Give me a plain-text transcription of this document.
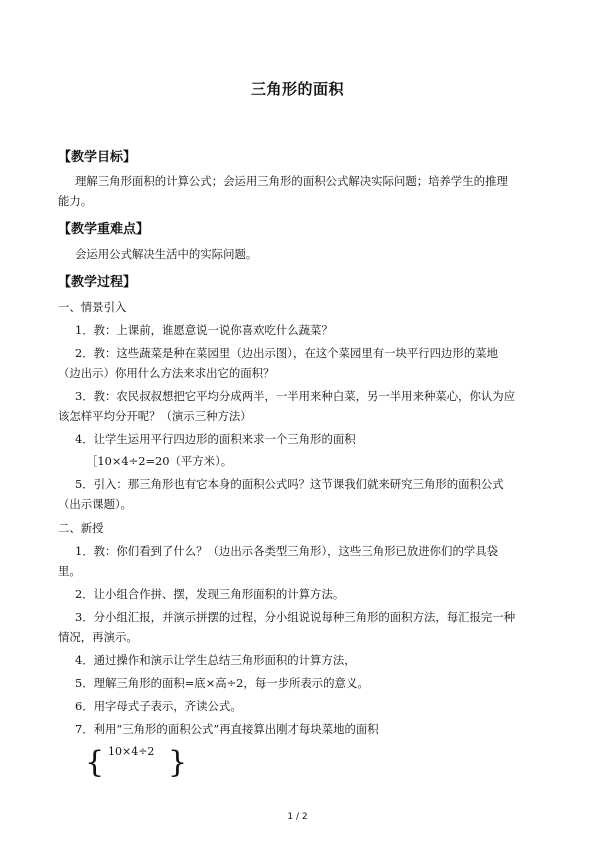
三角形的面积
【教学目标】
理解三角形面积的计算公式；会运用三角形的面积公式解决实际问题；培养学生的推理
能力。
【教学重难点】
会运用公式解决生活中的实际问题。
【教学过程】
一、情景引入
1．教：上课前，谁愿意说一说你喜欢吃什么蔬菜？
2．教：这些蔬菜是种在菜园里（边出示图），在这个菜园里有一块平行四边形的菜地
（边出示）你用什么方法来求出它的面积？
3．教：农民叔叔想把它平均分成两半，一半用来种白菜，另一半用来种菜心，你认为应
该怎样平均分开呢？（演示三种方法）
4．让学生运用平行四边形的面积来求一个三角形的面积
［10×4÷2=20（平方米）。
5．引入：那三角形也有它本身的面积公式吗？这节课我们就来研究三角形的面积公式
（出示课题）。
二、新授
1．教：你们看到了什么？（边出示各类型三角形），这些三角形已放进你们的学具袋
里。
2．让小组合作拼、摆，发现三角形面积的计算方法。
3．分小组汇报，并演示拼摆的过程，分小组说说每种三角形的面积方法，每汇报完一种
情况，再演示。
4．通过操作和演示让学生总结三角形面积的计算方法，
5．理解三角形的面积=底×高÷2，每一步所表示的意义。
6．用字母式子表示，齐读公式。
7．利用“三角形的面积公式”再直接算出刚才每块菜地的面积
{ 10×4÷2 }
1 / 2
